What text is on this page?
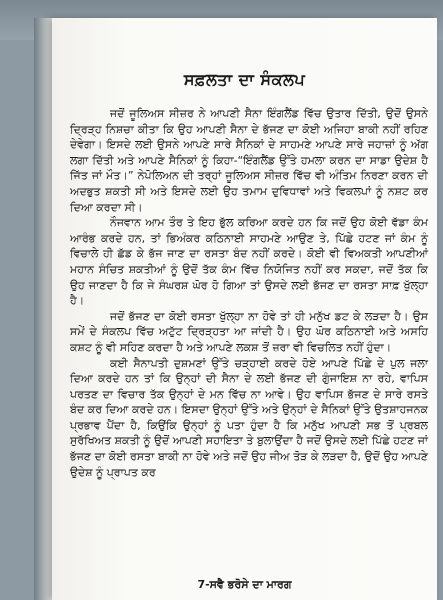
ਸਫ਼ਲਤਾ ਦਾ ਸੰਕਲਪ

ਜਦੋਂ ਜੂਲਿਅਸ ਸੀਜ਼ਰ ਨੇ ਆਪਣੀ ਸੈਨਾ ਇੰਗਲੈਂਡ ਵਿੱਚ ਉਤਾਰ ਦਿੱਤੀ, ਉਦੋਂ ਉਸਨੇ ਦ੍ਰਿੜ੍ਹ ਨਿਸ਼ਚਾ ਕੀਤਾ ਕਿ ਉਹ ਆਪਣੀ ਸੈਨਾ ਦੇ ਭੱਜਣ ਦਾ ਕੋਈ ਅਜਿਹਾ ਬਾਕੀ ਨਹੀਂ ਰਹਿਣ ਦੇਵੇਗਾ। ਇਸਦੇ ਲਈ ਉਸਨੇ ਆਪਣੇ ਸਾਰੇ ਸੈਨਿਕਾਂ ਦੇ ਸਾਹਮਣੇ ਆਪਣੇ ਸਾਰੇ ਜਹਾਜ਼ਾਂ ਨੂੰ ਅੱਗ ਲਗਾ ਦਿੱਤੀ ਅਤੇ ਆਪਣੇ ਸੈਨਿਕਾਂ ਨੂੰ ਕਿਹਾ-“ਇੰਗਲੈਂਡ ਉੱਤੇ ਹਮਲਾ ਕਰਨ ਦਾ ਸਾਡਾ ਉਦੇਸ਼ ਹੈ ਜਿੱਤ ਜਾਂ ਮੌਤ।” ਨੇਪੋਲਿਅਨ ਦੀ ਤਰ੍ਹਾਂ ਜੂਲਿਅਸ ਸੀਜ਼ਰ ਵਿੱਚ ਵੀ ਅੰਤਿਮ ਨਿਰਣਾ ਕਰਨ ਦੀ ਅਦਭੁਤ ਸ਼ਕਤੀ ਸੀ ਅਤੇ ਇਸਦੇ ਲਈ ਉਹ ਤਮਾਮ ਦੁਵਿਧਾਵਾਂ ਅਤੇ ਵਿਕਲਪਾਂ ਨੂੰ ਨਸ਼ਟ ਕਰ ਦਿਆ ਕਰਦਾ ਸੀ।

ਨੌਜਵਾਨ ਆਮ ਤੌਰ ਤੇ ਇਹ ਭੁੱਲ ਕਰਿਆ ਕਰਦੇ ਹਨ ਕਿ ਜਦੋਂ ਉਹ ਕੋਈ ਵੱਡਾ ਕੰਮ ਆਰੰਭ ਕਰਦੇ ਹਨ, ਤਾਂ ਭਿਅੰਕਰ ਕਠਿਨਾਈ ਸਾਹਮਣੇ ਆਉਣ ਤੇ, ਪਿੱਛੇ ਹਟਣ ਜਾਂ ਕੰਮ ਨੂੰ ਵਿਚਾਲੇ ਹੀ ਛੱਡ ਕੇ ਭੱਜ ਜਾਣ ਦਾ ਰਸਤਾ ਬੰਦ ਨਹੀਂ ਕਰਦੇ। ਕੋਈ ਵੀ ਵਿਅਕਤੀ ਆਪਣੀਆਂ ਮਹਾਨ ਸੰਚਿਤ ਸ਼ਕਤੀਆਂ ਨੂੰ ਉਦੋਂ ਤੱਕ ਕੰਮ ਵਿੱਚ ਨਿਯੋਜਿਤ ਨਹੀਂ ਕਰ ਸਕਦਾ, ਜਦੋਂ ਤੱਕ ਕਿ ਉਹ ਜਾਣਦਾ ਹੈ ਕਿ ਜੇ ਸੰਘਰਸ਼ ਘੋਰ ਹੋ ਗਿਆ ਤਾਂ ਉਸਦੇ ਲਈ ਭੱਜਣ ਦਾ ਰਸਤਾ ਸਾਫ਼ ਖੁੱਲ੍ਹਾ ਹੈ।

ਜਦੋਂ ਭੱਜਣ ਦਾ ਕੋਈ ਰਸਤਾ ਖੁੱਲ੍ਹਾ ਨਾ ਹੋਵੇ ਤਾਂ ਹੀ ਮਨੁੱਖ ਡਟ ਕੇ ਲੜਦਾ ਹੈ। ਉਸ ਸਮੇਂ ਦੇ ਸੰਕਲਪ ਵਿੱਚ ਅਟੁੱਟ ਦ੍ਰਿੜ੍ਹਤਾ ਆ ਜਾਂਦੀ ਹੈ। ਉਹ ਘੋਰ ਕਠਿਨਾਈ ਅਤੇ ਅਸਹਿ ਕਸ਼ਟ ਨੂੰ ਵੀ ਸਹਿਣ ਕਰਦਾ ਹੈ ਅਤੇ ਆਪਣੇ ਲਕਸ਼ ਤੋਂ ਜ਼ਰਾ ਵੀ ਵਿਚਲਿਤ ਨਹੀਂ ਹੁੰਦਾ।

ਕਈ ਸੈਨਾਪਤੀ ਦੁਸ਼ਮਣਾਂ ਉੱਤੇ ਚੜ੍ਹਾਈ ਕਰਦੇ ਹੋਏ ਆਪਣੇ ਪਿੱਛੇ ਦੇ ਪੁਲ ਜਲਾ ਦਿਆ ਕਰਦੇ ਹਨ ਤਾਂ ਕਿ ਉਨ੍ਹਾਂ ਦੀ ਸੈਨਾ ਦੇ ਲਈ ਭੱਜਣ ਦੀ ਗੁੰਜਾਇਸ਼ ਨਾ ਰਹੇ, ਵਾਪਿਸ ਪਰਤਣ ਦਾ ਵਿਚਾਰ ਤੱਕ ਉਨ੍ਹਾਂ ਦੇ ਮਨ ਵਿੱਚ ਨਾ ਆਵੇ। ਉਹ ਵਾਪਿਸ ਭੱਜਣ ਦੇ ਸਾਰੇ ਰਸਤੇ ਬੰਦ ਕਰ ਦਿਆ ਕਰਦੇ ਹਨ। ਇਸਦਾ ਉਨ੍ਹਾਂ ਉੱਤੇ ਅਤੇ ਉਨ੍ਹਾਂ ਦੇ ਸੈਨਿਕਾਂ ਉੱਤੇ ਉਤਸ਼ਾਹਜਨਕ ਪ੍ਰਭਾਵ ਪੈਂਦਾ ਹੈ, ਕਿਉਂਕਿ ਉਨ੍ਹਾਂ ਨੂੰ ਪਤਾ ਹੁੰਦਾ ਹੈ ਕਿ ਮਨੁੱਖ ਆਪਣੀ ਸਭ ਤੋਂ ਪ੍ਰਬਲ ਸੁਰੱਖਿਅਤ ਸ਼ਕਤੀ ਨੂੰ ਉਦੋਂ ਆਪਣੀ ਸਹਾਇਤਾ ਤੇ ਬੁਲਾਉਂਦਾ ਹੈ ਜਦੋਂ ਉਸਦੇ ਲਈ ਪਿੱਛੇ ਹਟਣ ਜਾਂ ਭੱਜਣ ਦਾ ਕੋਈ ਰਸਤਾ ਬਾਕੀ ਨਾ ਹੋਵੇ ਅਤੇ ਜਦੋਂ ਉਹ ਜੀਅ ਤੋੜ ਕੇ ਲੜਦਾ ਹੈ, ਉਦੋਂ ਉਹ ਆਪਣੇ ਉਦੇਸ਼ ਨੂੰ ਪ੍ਰਾਪਤ ਕਰ

7-ਸਵੈ ਭਰੋਸੇ ਦਾ ਮਾਰਗ
